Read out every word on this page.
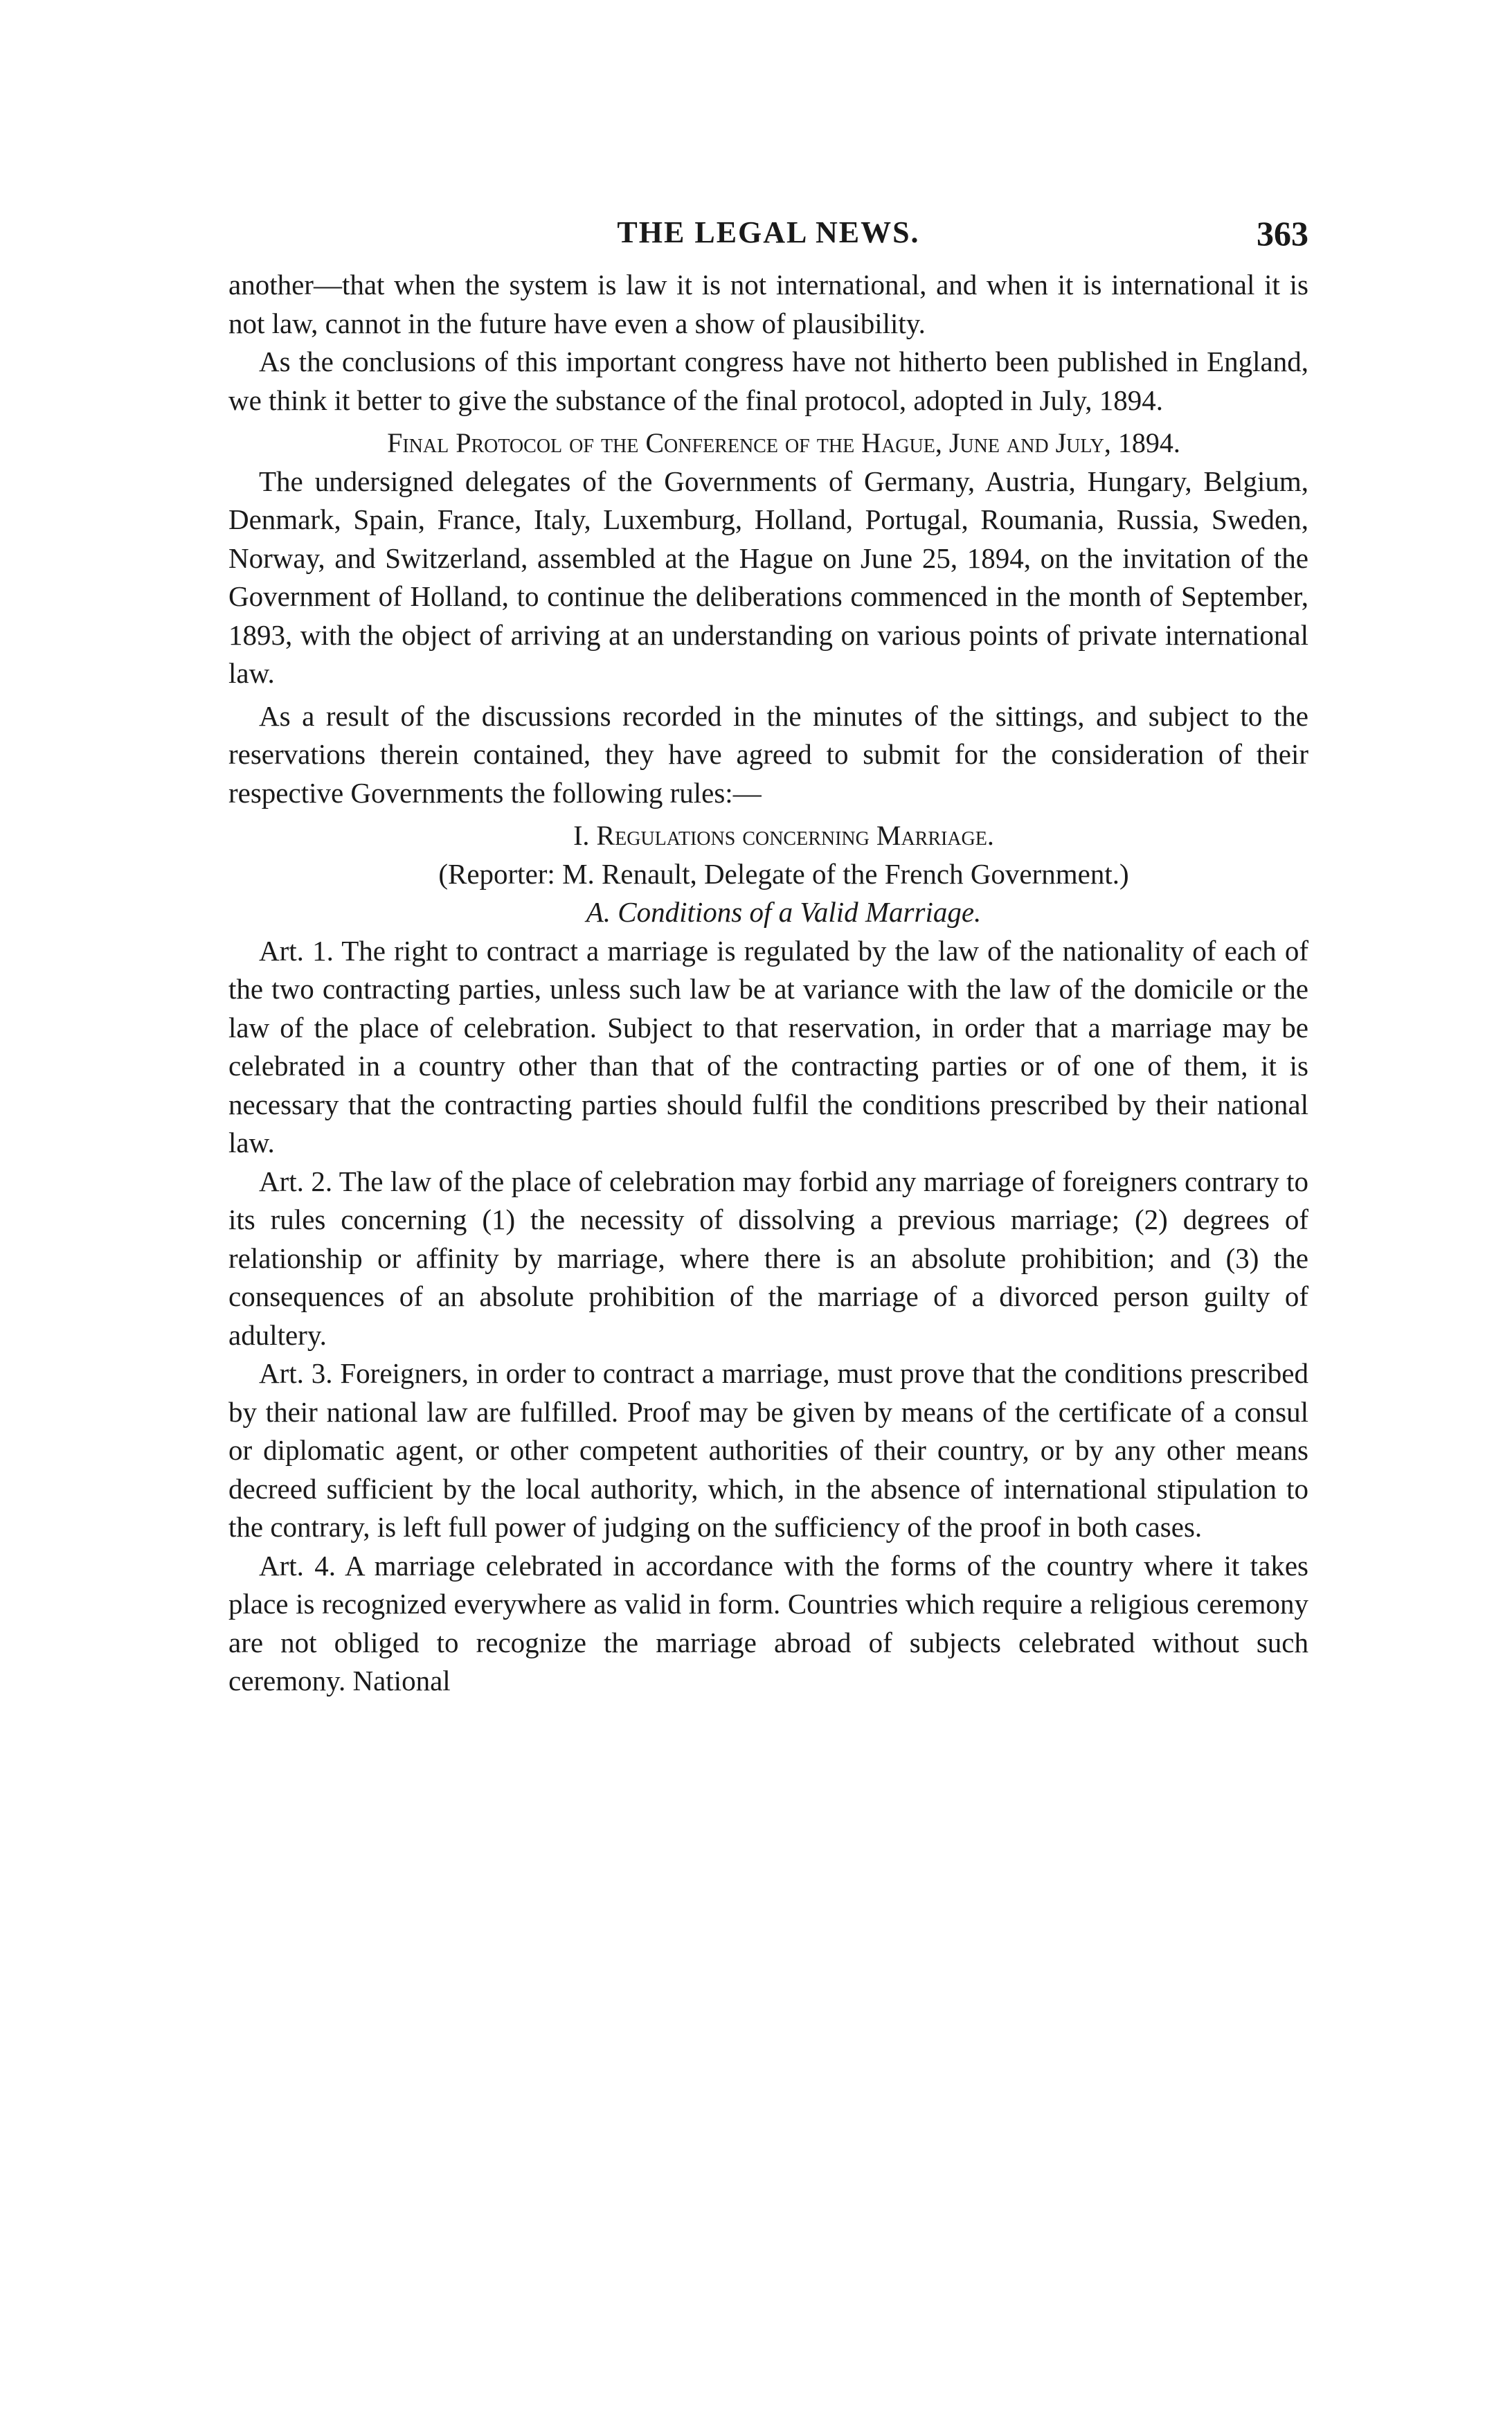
THE LEGAL NEWS.	363

another—that when the system is law it is not international, and when it is international it is not law, cannot in the future have even a show of plausibility.

As the conclusions of this important congress have not hitherto been published in England, we think it better to give the substance of the final protocol, adopted in July, 1894.

Final Protocol of the Conference of the Hague, June and July, 1894.

The undersigned delegates of the Governments of Germany, Austria, Hungary, Belgium, Denmark, Spain, France, Italy, Luxemburg, Holland, Portugal, Roumania, Russia, Sweden, Norway, and Switzerland, assembled at the Hague on June 25, 1894, on the invitation of the Government of Holland, to continue the deliberations commenced in the month of September, 1893, with the object of arriving at an understanding on various points of private international law.

As a result of the discussions recorded in the minutes of the sittings, and subject to the reservations therein contained, they have agreed to submit for the consideration of their respective Governments the following rules:—

I. Regulations concerning Marriage.

(Reporter: M. Renault, Delegate of the French Government.)

A. Conditions of a Valid Marriage.

Art. 1. The right to contract a marriage is regulated by the law of the nationality of each of the two contracting parties, unless such law be at variance with the law of the domicile or the law of the place of celebration. Subject to that reservation, in order that a marriage may be celebrated in a country other than that of the contracting parties or of one of them, it is necessary that the contracting parties should fulfil the conditions prescribed by their national law.

Art. 2. The law of the place of celebration may forbid any marriage of foreigners contrary to its rules concerning (1) the necessity of dissolving a previous marriage; (2) degrees of relationship or affinity by marriage, where there is an absolute prohibition; and (3) the consequences of an absolute prohibition of the marriage of a divorced person guilty of adultery.

Art. 3. Foreigners, in order to contract a marriage, must prove that the conditions prescribed by their national law are fulfilled. Proof may be given by means of the certificate of a consul or diplomatic agent, or other competent authorities of their country, or by any other means decreed sufficient by the local authority, which, in the absence of international stipulation to the contrary, is left full power of judging on the sufficiency of the proof in both cases.

Art. 4. A marriage celebrated in accordance with the forms of the country where it takes place is recognized everywhere as valid in form. Countries which require a religious ceremony are not obliged to recognize the marriage abroad of subjects celebrated without such ceremony. National
